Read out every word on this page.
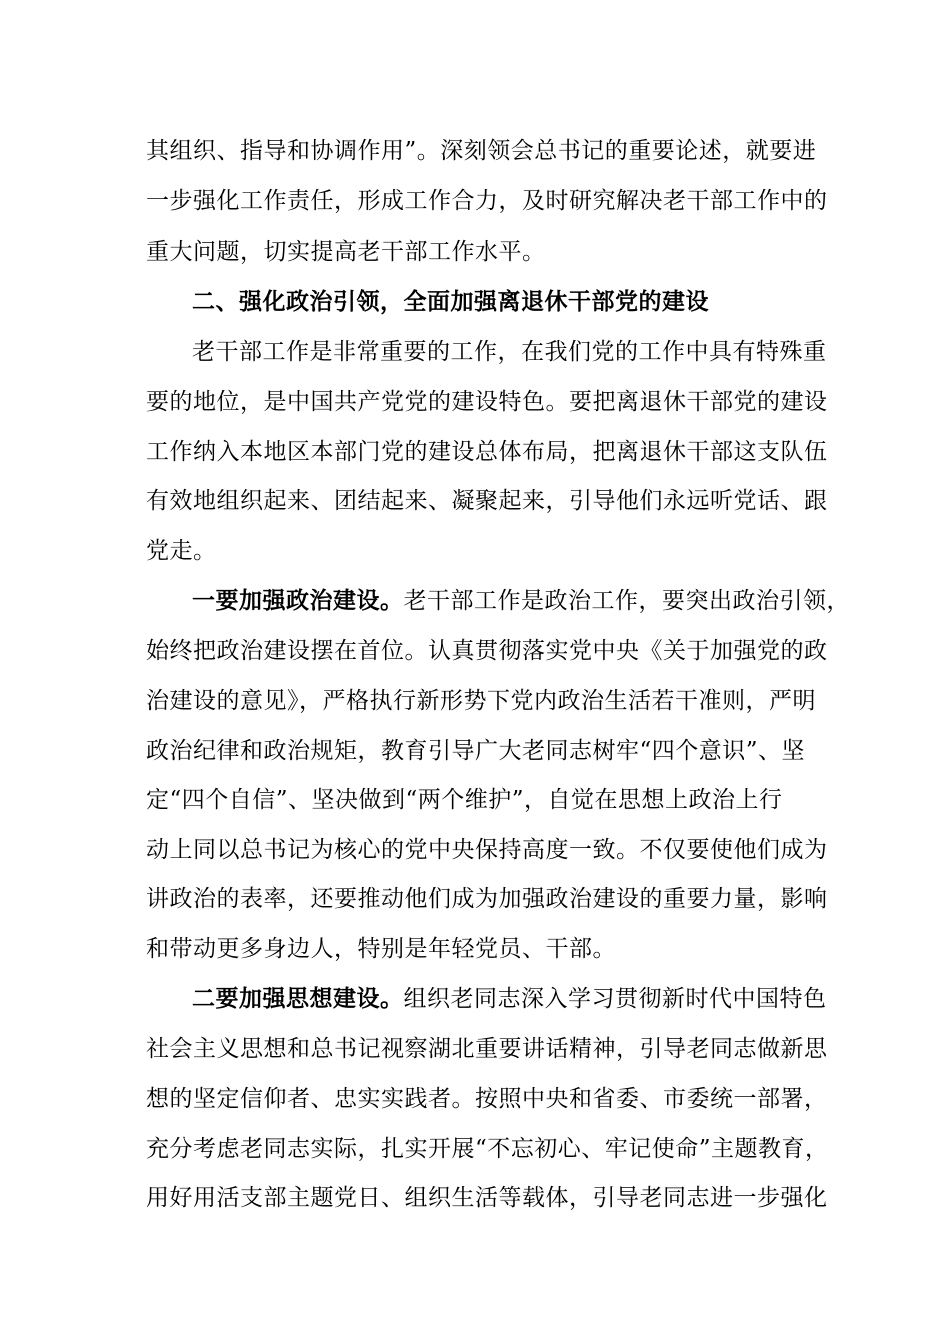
其组织、指导和协调作用”。深刻领会总书记的重要论述，就要进
一步强化工作责任，形成工作合力，及时研究解决老干部工作中的
重大问题，切实提高老干部工作水平。
二、强化政治引领，全面加强离退休干部党的建设
老干部工作是非常重要的工作，在我们党的工作中具有特殊重
要的地位，是中国共产党党的建设特色。要把离退休干部党的建设
工作纳入本地区本部门党的建设总体布局，把离退休干部这支队伍
有效地组织起来、团结起来、凝聚起来，引导他们永远听党话、跟
党走。
一要加强政治建设。老干部工作是政治工作，要突出政治引领，
始终把政治建设摆在首位。认真贯彻落实党中央《关于加强党的政
治建设的意见》，严格执行新形势下党内政治生活若干准则，严明
政治纪律和政治规矩，教育引导广大老同志树牢“四个意识”、坚
定“四个自信”、坚决做到“两个维护”，自觉在思想上政治上行
动上同以总书记为核心的党中央保持高度一致。不仅要使他们成为
讲政治的表率，还要推动他们成为加强政治建设的重要力量，影响
和带动更多身边人，特别是年轻党员、干部。
二要加强思想建设。组织老同志深入学习贯彻新时代中国特色
社会主义思想和总书记视察湖北重要讲话精神，引导老同志做新思
想的坚定信仰者、忠实实践者。按照中央和省委、市委统一部署，
充分考虑老同志实际，扎实开展“不忘初心、牢记使命”主题教育，
用好用活支部主题党日、组织生活等载体，引导老同志进一步强化
